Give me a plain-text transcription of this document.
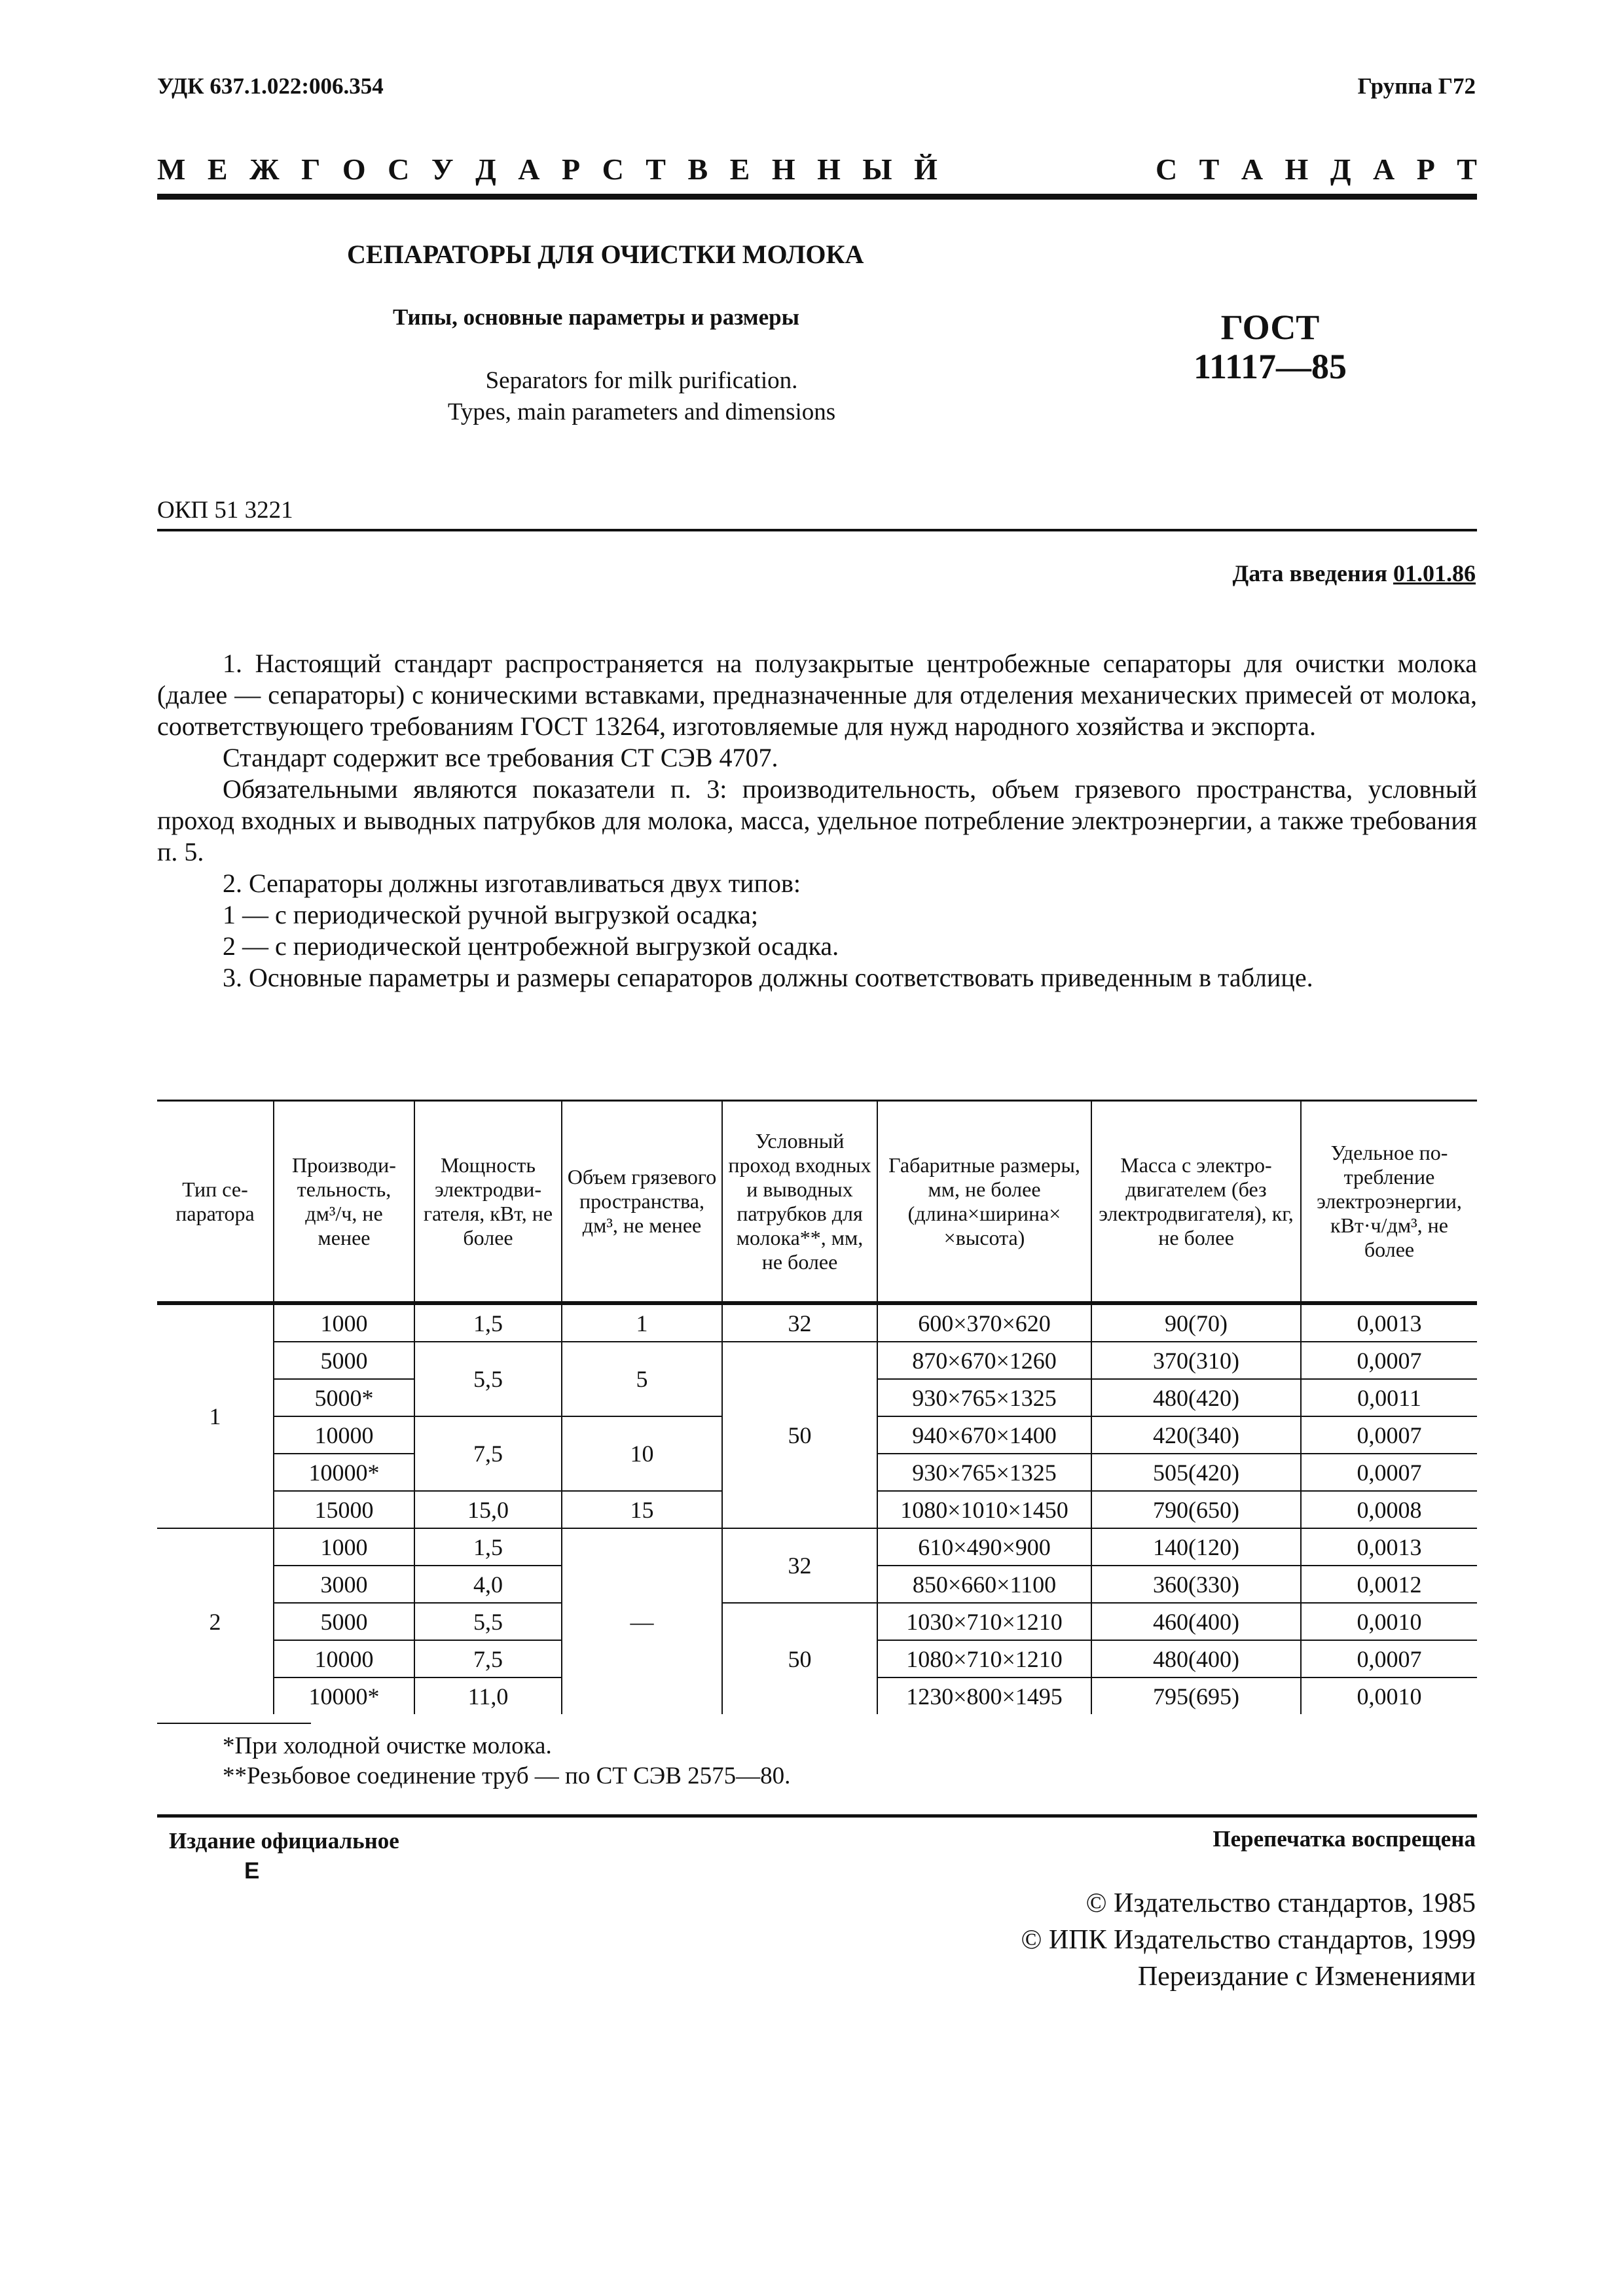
УДК 637.1.022:006.354	Группа Г72
М Е Ж Г О С У Д А Р С Т В Е Н Н Ы Й	С Т А Н Д А Р Т
СЕПАРАТОРЫ ДЛЯ ОЧИСТКИ МОЛОКА
Типы, основные параметры и размеры
Separators for milk purification.
Types, main parameters and dimensions
ГОСТ
11117—85
ОКП 51 3221
Дата введения 01.01.86

1. Настоящий стандарт распространяется на полузакрытые центробежные сепараторы для очистки молока (далее — сепараторы) с коническими вставками, предназначенные для отделения механических примесей от молока, соответствующего требованиям ГОСТ 13264, изготовляемые для нужд народного хозяйства и экспорта.

Стандарт содержит все требования СТ СЭВ 4707.

Обязательными являются показатели п. 3: производительность, объем грязевого пространства, условный проход входных и выводных патрубков для молока, масса, удельное потребление электроэнергии, а также требования п. 5.

2. Сепараторы должны изготавливаться двух типов:

1 — с периодической ручной выгрузкой осадка;

2 — с периодической центробежной выгрузкой осадка.

3. Основные параметры и размеры сепараторов должны соответствовать приведенным в таблице.

Тип сепаратора	Производительность, дм³/ч, не менее	Мощность электродвигателя, кВт, не более	Объем грязевого пространства, дм³, не менее	Условный проход входных и выводных патрубков для молока**, мм, не более	Габаритные размеры, мм, не более (длина×ширина× ×высота)	Масса с электродвигателем (без электродвигателя), кг, не более	Удельное потребление электроэнергии, кВт·ч/дм³, не более
1	1000	1,5	1	32	600×370×620	90(70)	0,0013
	5000	5,5	5	50	870×670×1260	370(310)	0,0007
	5000*				930×765×1325	480(420)	0,0011
	10000	7,5	10		940×670×1400	420(340)	0,0007
	10000*				930×765×1325	505(420)	0,0007
	15000	15,0	15		1080×1010×1450	790(650)	0,0008
2	1000	1,5	—	32	610×490×900	140(120)	0,0013
	3000	4,0			850×660×1100	360(330)	0,0012
	5000	5,5		50	1030×710×1210	460(400)	0,0010
	10000	7,5			1080×710×1210	480(400)	0,0007
	10000*	11,0			1230×800×1495	795(695)	0,0010
*При холодной очистке молока.
**Резьбовое соединение труб — по СТ СЭВ 2575—80.
Издание официальное
Е
Перепечатка воспрещена
© Издательство стандартов, 1985
© ИПК Издательство стандартов, 1999
Переиздание с Изменениями
